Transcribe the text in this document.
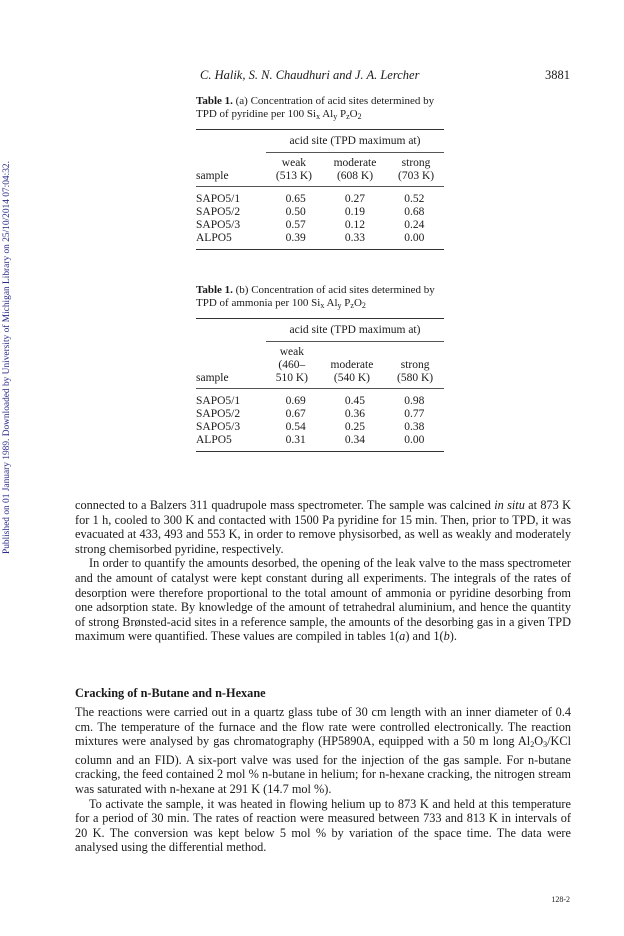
Published on 01 January 1989. Downloaded by University of Michigan Library on 25/10/2014 07:04:32.
C. Halik, S. N. Chaudhuri and J. A. Lercher	3881
Table 1. (a) Concentration of acid sites determined by TPD of pyridine per 100 $Si_x$ $Al_y$ $P_zO_2$
acid site (TPD maximum at)
	weak	moderate	strong
sample	(513 K)	(608 K)	(703 K)
SAPO5/1	0.65	0.27	0.52
SAPO5/2	0.50	0.19	0.68
SAPO5/3	0.57	0.12	0.24
ALPO5	0.39	0.33	0.00
Table 1. (b) Concentration of acid sites determined by TPD of ammonia per 100 $Si_x$ $Al_y$ $P_zO_2$
acid site (TPD maximum at)
	weak		
	(460–	moderate	strong
sample	510 K)	(540 K)	(580 K)
SAPO5/1	0.69	0.45	0.98
SAPO5/2	0.67	0.36	0.77
SAPO5/3	0.54	0.25	0.38
ALPO5	0.31	0.34	0.00

connected to a Balzers 311 quadrupole mass spectrometer. The sample was calcined in situ at 873 K for 1 h, cooled to 300 K and contacted with 1500 Pa pyridine for 15 min. Then, prior to TPD, it was evacuated at 433, 493 and 553 K, in order to remove physisorbed, as well as weakly and moderately strong chemisorbed pyridine, respectively.

In order to quantify the amounts desorbed, the opening of the leak valve to the mass spectrometer and the amount of catalyst were kept constant during all experiments. The integrals of the rates of desorption were therefore proportional to the total amount of ammonia or pyridine desorbing from one adsorption state. By knowledge of the amount of tetrahedral aluminium, and hence the quantity of strong Brønsted-acid sites in a reference sample, the amounts of the desorbing gas in a given TPD maximum were quantified. These values are compiled in tables 1(a) and 1(b).

Cracking of n-Butane and n-Hexane

The reactions were carried out in a quartz glass tube of 30 cm length with an inner diameter of 0.4 cm. The temperature of the furnace and the flow rate were controlled electronically. The reaction mixtures were analysed by gas chromatography (HP5890A, equipped with a 50 m long $Al_2O_3$/KCl column and an FID). A six-port valve was used for the injection of the gas sample. For n-butane cracking, the feed contained 2 mol % n-butane in helium; for n-hexane cracking, the nitrogen stream was saturated with n-hexane at 291 K (14.7 mol %).

To activate the sample, it was heated in flowing helium up to 873 K and held at this temperature for a period of 30 min. The rates of reaction were measured between 733 and 813 K in intervals of 20 K. The conversion was kept below 5 mol % by variation of the space time. The data were analysed using the differential method.

128-2
